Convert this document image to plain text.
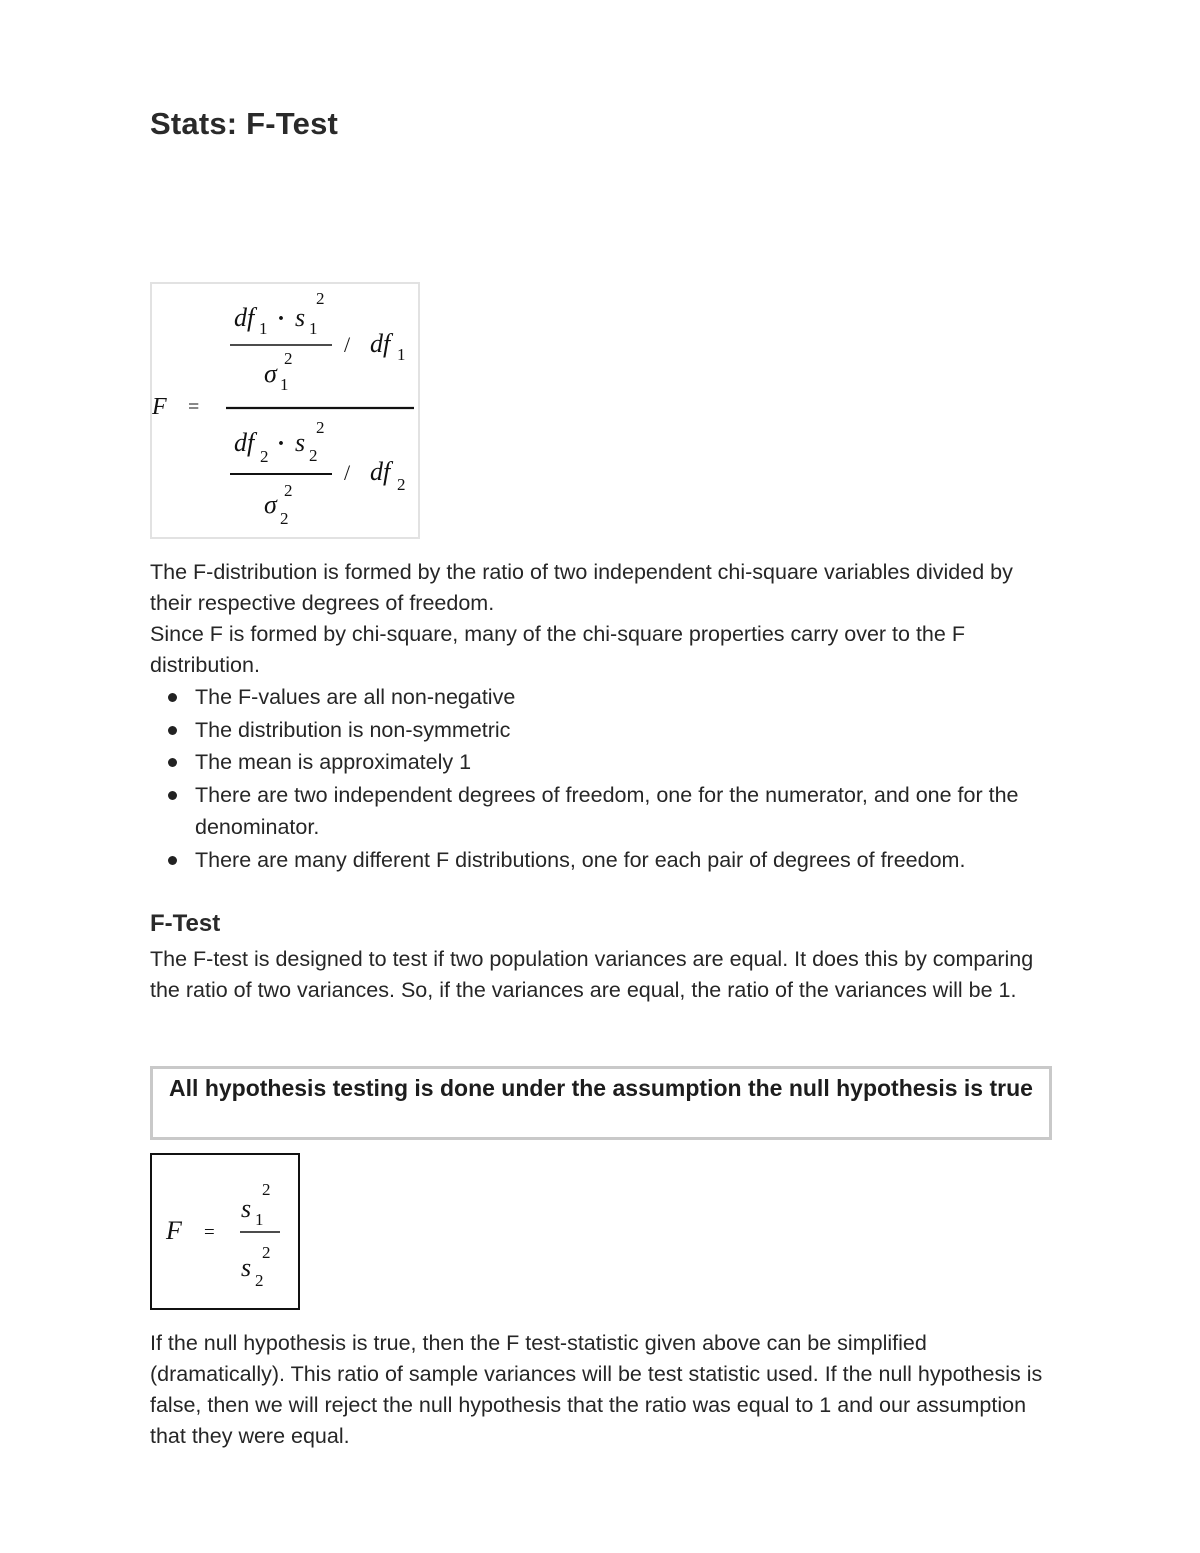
Stats: F-Test
F =
df 1 · s 1
2
σ 1
2
/ df 1
df 2 · s 2
2
σ 2
2
/ df 2

The F-distribution is formed by the ratio of two independent chi-square variables divided by their respective degrees of freedom.

Since F is formed by chi-square, many of the chi-square properties carry over to the F distribution.

The F-values are all non-negative
The distribution is non-symmetric
The mean is approximately 1
There are two independent degrees of freedom, one for the numerator, and one for the denominator.
There are many different F distributions, one for each pair of degrees of freedom.
F-Test

The F-test is designed to test if two population variances are equal. It does this by comparing the ratio of two variances. So, if the variances are equal, the ratio of the variances will be 1.

All hypothesis testing is done under the assumption the null hypothesis is true
F =
s 1
2
s 2
2

If the null hypothesis is true, then the F test-statistic given above can be simplified (dramatically). This ratio of sample variances will be test statistic used. If the null hypothesis is false, then we will reject the null hypothesis that the ratio was equal to 1 and our assumption that they were equal.
